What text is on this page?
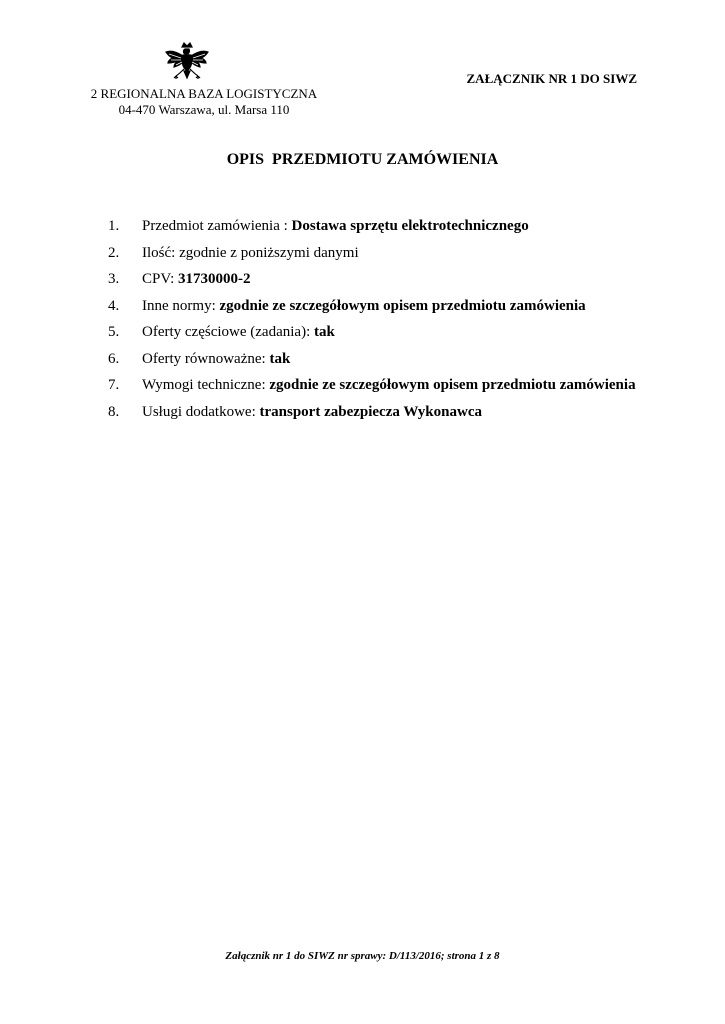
2 REGIONALNA BAZA LOGISTYCZNA
04-470 Warszawa, ul. Marsa 110
ZAŁĄCZNIK NR 1 DO SIWZ
OPIS  PRZEDMIOTU ZAMÓWIENIA
1.	Przedmiot zamówienia : Dostawa sprzętu elektrotechnicznego
2.	Ilość: zgodnie z poniższymi danymi
3.	CPV: 31730000-2
4.	Inne normy: zgodnie ze szczegółowym opisem przedmiotu zamówienia
5.	Oferty częściowe (zadania): tak
6.	Oferty równoważne: tak
7.	Wymogi techniczne: zgodnie ze szczegółowym opisem przedmiotu zamówienia
8.	Usługi dodatkowe: transport zabezpiecza Wykonawca
Załącznik nr 1 do SIWZ nr sprawy: D/113/2016; strona 1 z 8
